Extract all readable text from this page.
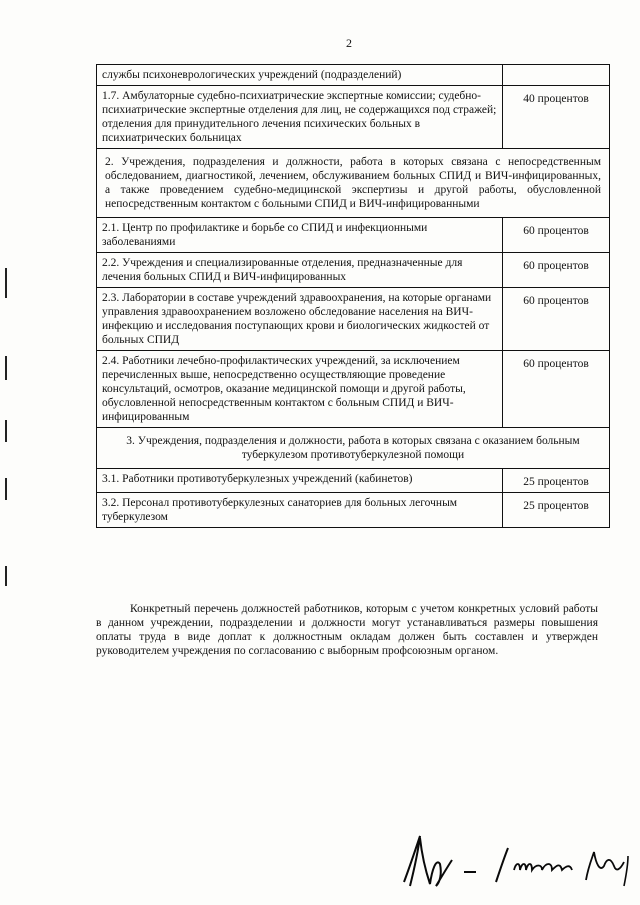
2
службы психоневрологических учреждений (подразделений)	
1.7. Амбулаторные судебно-психиатрические экспертные комиссии; судебно-психиатрические экспертные отделения для лиц, не содержащихся под стражей; отделения для принудительного лечения психических больных в психиатрических больницах	40 процентов
2. Учреждения, подразделения и должности, работа в которых связана с непосредственным обследованием, диагностикой, лечением, обслуживанием больных СПИД и ВИЧ-инфицированных, а также проведением судебно-медицинской экспертизы и другой работы, обусловленной непосредственным контактом с больными СПИД и ВИЧ-инфицированными	
2.1. Центр по профилактике и борьбе со СПИД и инфекционными заболеваниями	60 процентов
2.2. Учреждения и специализированные отделения, предназначенные для лечения больных СПИД и ВИЧ-инфицированных	60 процентов
2.3. Лаборатории в составе учреждений здравоохранения, на которые органами управления здравоохранением возложено обследование населения на ВИЧ-инфекцию и исследования поступающих крови и биологических жидкостей от больных СПИД	60 процентов
2.4. Работники лечебно-профилактических учреждений, за исключением перечисленных выше, непосредственно осуществляющие проведение консультаций, осмотров, оказание медицинской помощи и другой работы, обусловленной непосредственным контактом с больным СПИД и ВИЧ-инфицированным	60 процентов
3. Учреждения, подразделения и должности, работа в которых связана с оказанием больным туберкулезом противотуберкулезной помощи	
3.1. Работники противотуберкулезных учреждений (кабинетов)	25 процентов
3.2. Персонал противотуберкулезных санаториев для больных легочным туберкулезом	25 процентов
Конкретный перечень должностей работников, которым с учетом конкретных условий работы в данном учреждении, подразделении и должности могут устанавливаться размеры повышения оплаты труда в виде доплат к должностным окладам должен быть составлен и утвержден руководителем учреждения по согласованию с выборным профсоюзным органом.
